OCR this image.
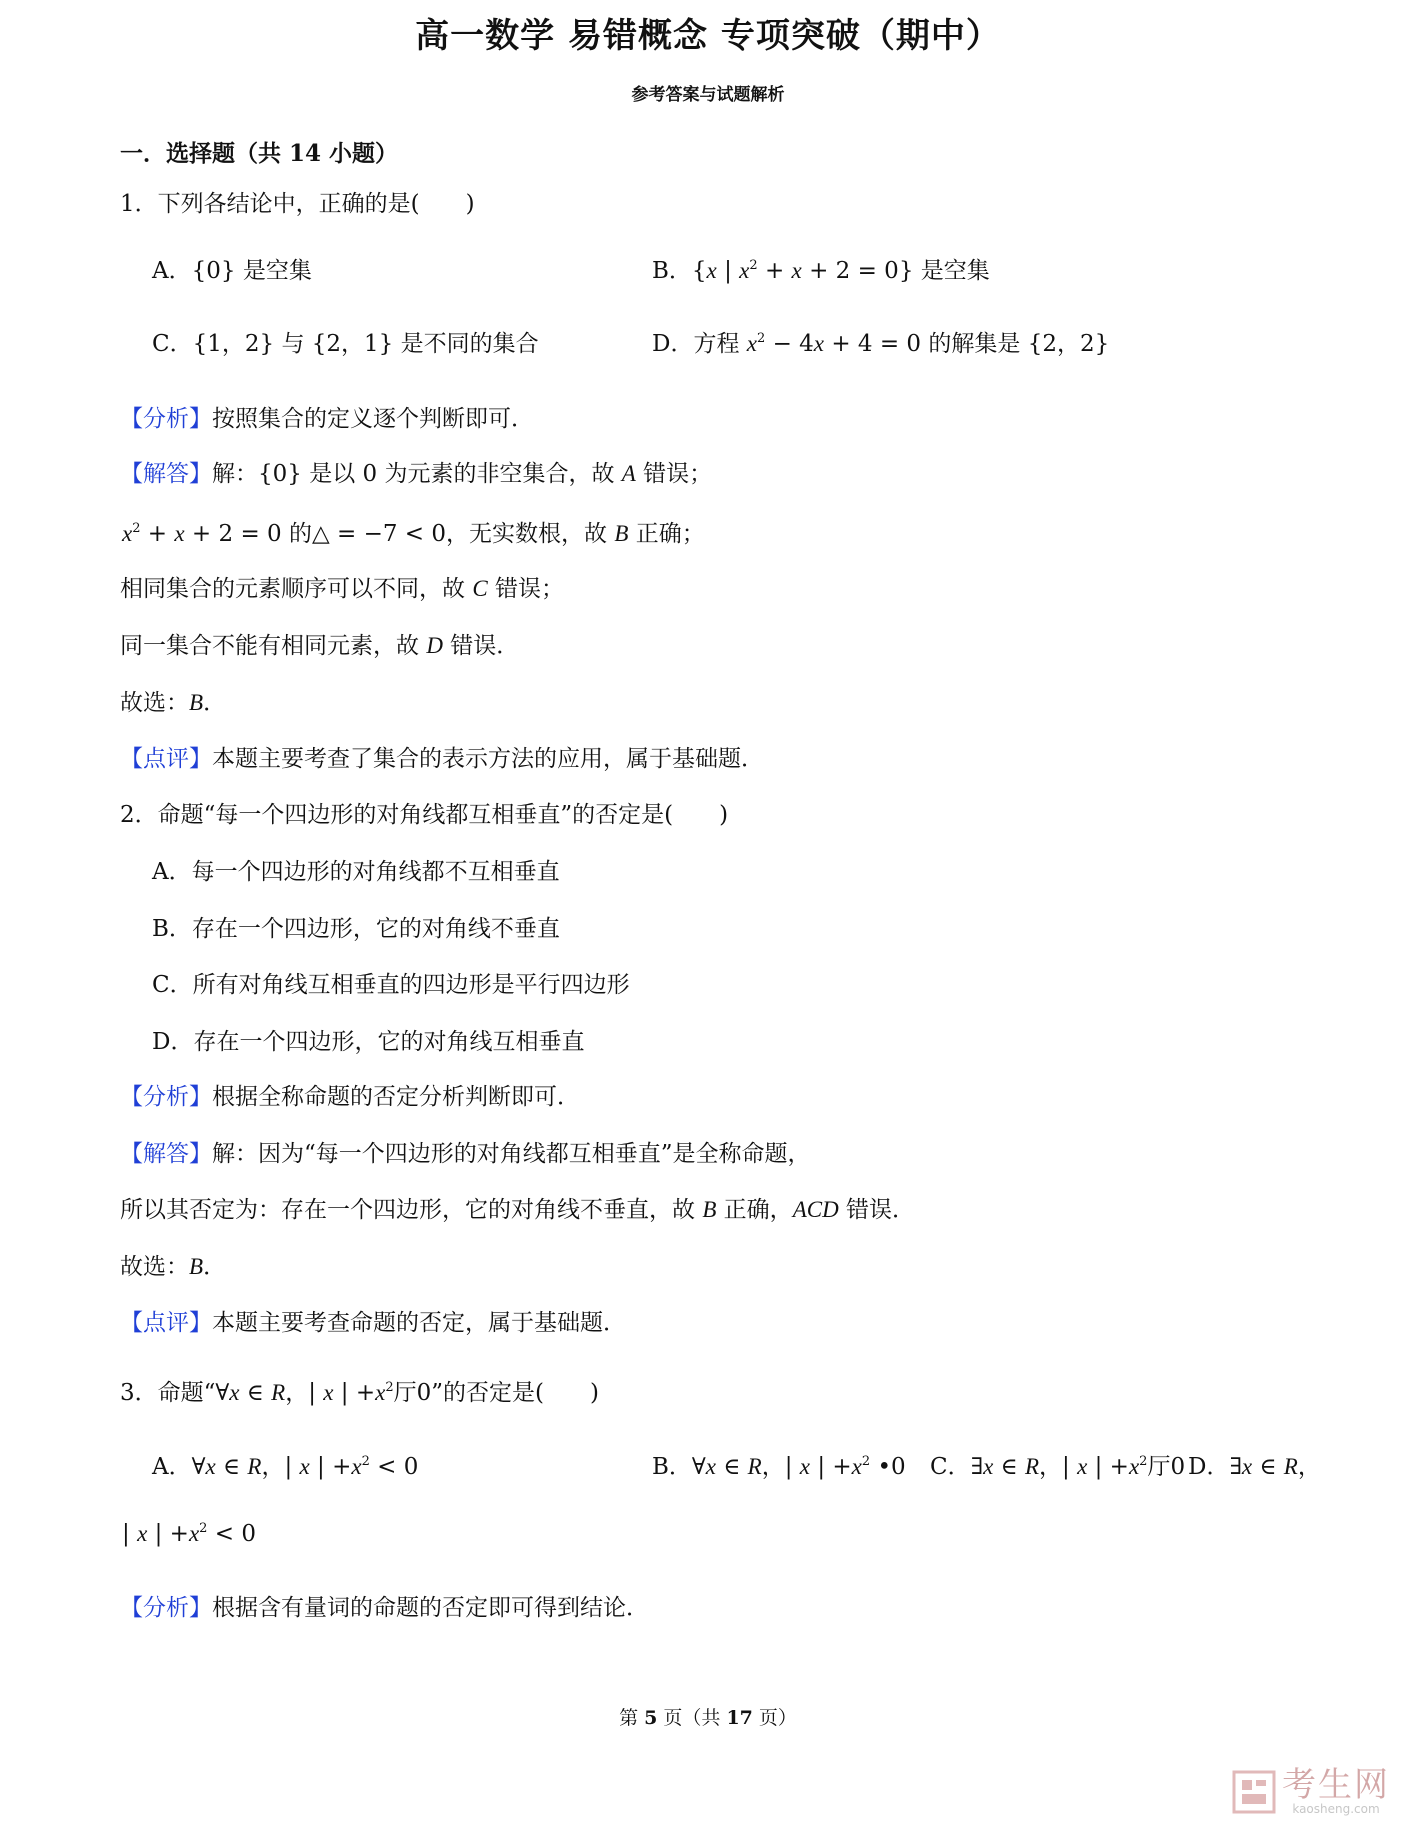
高一数学 易错概念 专项突破（期中）
参考答案与试题解析
一．选择题（共 14 小题）
1．下列各结论中，正确的是(　　)
A．{0} 是空集	B．{x | $x^2 + x + 2 = 0$} 是空集
C．{1，2} 与 {2，1} 是不同的集合	D．方程 $x^2 - 4x + 4 = 0$ 的解集是 {2，2}
【分析】按照集合的定义逐个判断即可．
【解答】解：{0} 是以 0 为元素的非空集合，故 A 错误；
$x^2 + x + 2 = 0$ 的△ = −7 < 0，无实数根，故 B 正确；
相同集合的元素顺序可以不同，故 C 错误；
同一集合不能有相同元素，故 D 错误．
故选：B．
【点评】本题主要考查了集合的表示方法的应用，属于基础题．
2．命题“每一个四边形的对角线都互相垂直”的否定是(　　)
A．每一个四边形的对角线都不互相垂直
B．存在一个四边形，它的对角线不垂直
C．所有对角线互相垂直的四边形是平行四边形
D．存在一个四边形，它的对角线互相垂直
【分析】根据全称命题的否定分析判断即可．
【解答】解：因为“每一个四边形的对角线都互相垂直”是全称命题，
所以其否定为：存在一个四边形，它的对角线不垂直，故 B 正确，ACD 错误．
故选：B．
【点评】本题主要考查命题的否定，属于基础题．
3．命题“∀x ∈ R，| x | $+x^2$厅0”的否定是(　　)
A．∀x ∈ R，| x | $+x^2 < 0$	B．∀x ∈ R，| x | $+x^2$ •0 C．∃x ∈ R，| x | $+x^2$厅0 D．∃x ∈ R，
| x | $+x^2 < 0$
【分析】根据含有量词的命题的否定即可得到结论．
第 5 页（共 17 页）
考生网
kaosheng.com
